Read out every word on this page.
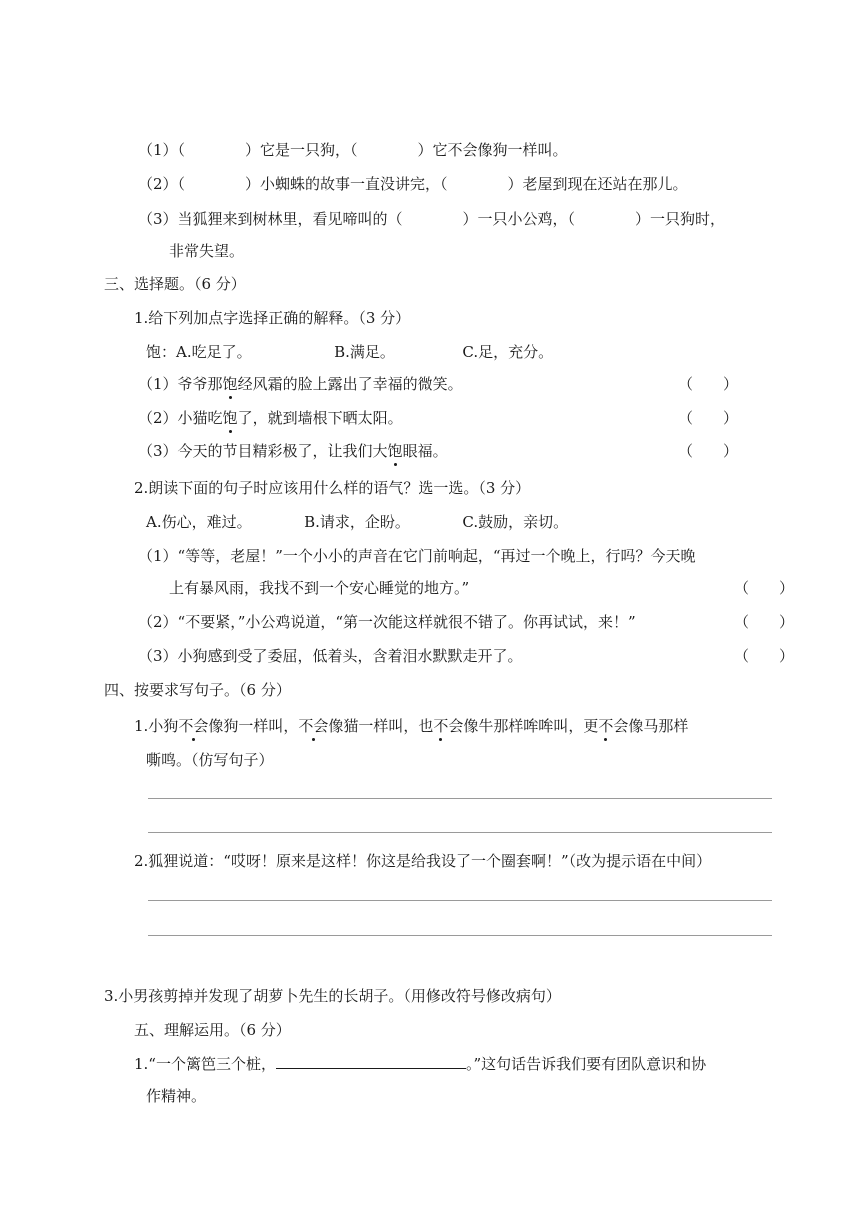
（1）（　　　　）它是一只狗，（　　　　）它不会像狗一样叫。
（2）（　　　　）小蜘蛛的故事一直没讲完，（　　　　）老屋到现在还站在那儿。
（3）当狐狸来到树林里，看见啼叫的（　　　　）一只小公鸡，（　　　　）一只狗时，
非常失望。
三、选择题。（6 分）
1.给下列加点字选择正确的解释。（3 分）
饱：A.吃足了。　　　　　　B.满足。　　　　　C.足，充分。
（1）爷爷那饱经风霜的脸上露出了幸福的微笑。	（　　）
（2）小猫吃饱了，就到墙根下晒太阳。	（　　）
（3）今天的节目精彩极了，让我们大饱眼福。	（　　）
2.朗读下面的句子时应该用什么样的语气？选一选。（3 分）
A.伤心，难过。　　　　B.请求，企盼。　　　　C.鼓励，亲切。
（1）“等等，老屋！”一个小小的声音在它门前响起，“再过一个晚上，行吗？今天晚
上有暴风雨，我找不到一个安心睡觉的地方。”	（　　）
（2）“不要紧，”小公鸡说道，“第一次能这样就很不错了。你再试试，来！”	（　　）
（3）小狗感到受了委屈，低着头，含着泪水默默走开了。	（　　）
四、按要求写句子。（6 分）
1.小狗不会像狗一样叫，不会像猫一样叫，也不会像牛那样哞哞叫，更不会像马那样
嘶鸣。（仿写句子）
2.狐狸说道：“哎呀！原来是这样！你这是给我设了一个圈套啊！”（改为提示语在中间）
3.小男孩剪掉并发现了胡萝卜先生的长胡子。（用修改符号修改病句）
五、理解运用。（6 分）
1.“一个篱笆三个桩，	。”这句话告诉我们要有团队意识和协
作精神。
